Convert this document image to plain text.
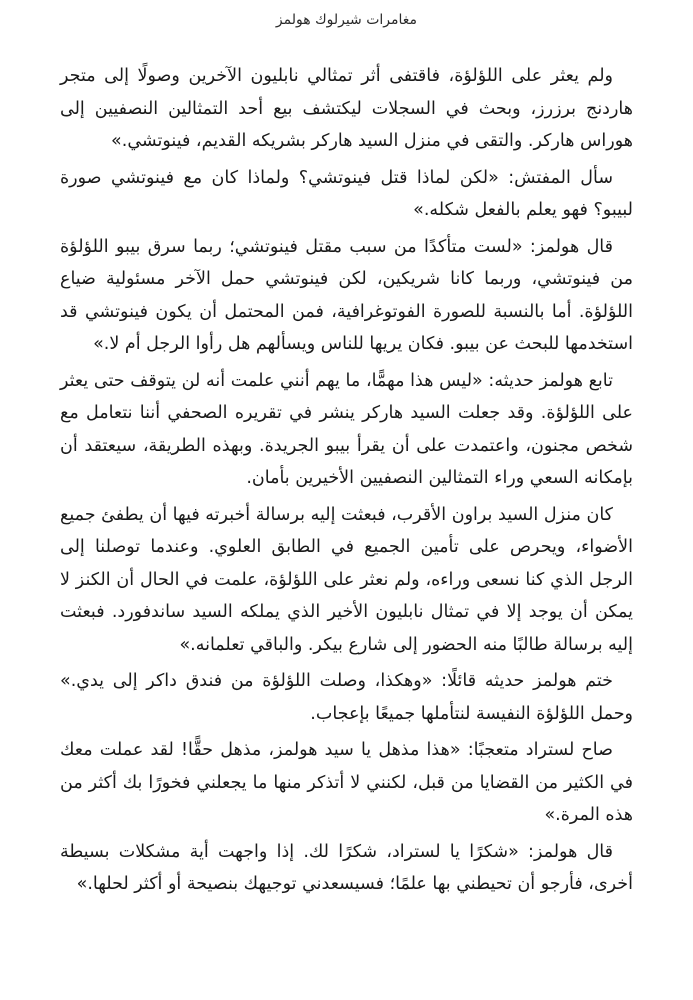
مغامرات شيرلوك هولمز

ولم يعثر على اللؤلؤة، فاقتفى أثر تمثالي نابليون الآخرين وصولًا إلى متجر هاردنج برزرز، وبحث في السجلات ليكتشف بيع أحد التمثالين النصفيين إلى هوراس هاركر. والتقى في منزل السيد هاركر بشريكه القديم، فينوتشي.»

سأل المفتش: «لكن لماذا قتل فينوتشي؟ ولماذا كان مع فينوتشي صورة لبيبو؟ فهو يعلم بالفعل شكله.»

قال هولمز: «لست متأكدًا من سبب مقتل فينوتشي؛ ربما سرق بيبو اللؤلؤة من فينوتشي، وربما كانا شريكين، لكن فينوتشي حمل الآخر مسئولية ضياع اللؤلؤة. أما بالنسبة للصورة الفوتوغرافية، فمن المحتمل أن يكون فينوتشي قد استخدمها للبحث عن بيبو. فكان يريها للناس ويسألهم هل رأوا الرجل أم لا.»

تابع هولمز حديثه: «ليس هذا مهمًّا، ما يهم أنني علمت أنه لن يتوقف حتى يعثر على اللؤلؤة. وقد جعلت السيد هاركر ينشر في تقريره الصحفي أننا نتعامل مع شخص مجنون، واعتمدت على أن يقرأ بيبو الجريدة. وبهذه الطريقة، سيعتقد أن بإمكانه السعي وراء التمثالين النصفيين الأخيرين بأمان.

كان منزل السيد براون الأقرب، فبعثت إليه برسالة أخبرته فيها أن يطفئ جميع الأضواء، ويحرص على تأمين الجميع في الطابق العلوي. وعندما توصلنا إلى الرجل الذي كنا نسعى وراءه، ولم نعثر على اللؤلؤة، علمت في الحال أن الكنز لا يمكن أن يوجد إلا في تمثال نابليون الأخير الذي يملكه السيد ساندفورد. فبعثت إليه برسالة طالبًا منه الحضور إلى شارع بيكر. والباقي تعلمانه.»

ختم هولمز حديثه قائلًا: «وهكذا، وصلت اللؤلؤة من فندق داكر إلى يدي.» وحمل اللؤلؤة النفيسة لنتأملها جميعًا بإعجاب.

صاح لستراد متعجبًا: «هذا مذهل يا سيد هولمز، مذهل حقًّا! لقد عملت معك في الكثير من القضايا من قبل، لكنني لا أتذكر منها ما يجعلني فخورًا بك أكثر من هذه المرة.»

قال هولمز: «شكرًا يا لستراد، شكرًا لك. إذا واجهت أية مشكلات بسيطة أخرى، فأرجو أن تحيطني بها علمًا؛ فسيسعدني توجيهك بنصيحة أو أكثر لحلها.»
